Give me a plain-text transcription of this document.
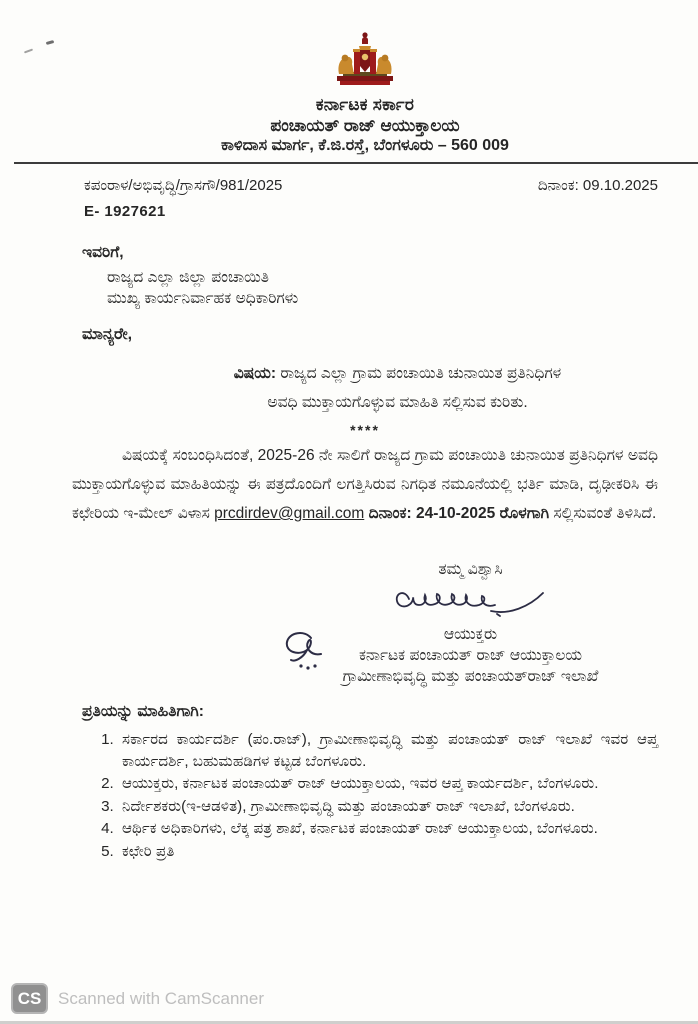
ಕರ್ನಾಟಕ ಸರ್ಕಾರ
ಪಂಚಾಯತ್ ರಾಜ್ ಆಯುಕ್ತಾಲಯ
ಕಾಳಿದಾಸ ಮಾರ್ಗ, ಕೆ.ಜಿ.ರಸ್ತೆ, ಬೆಂಗಳೂರು – 560 009
ಕಪಂರಾಳ/ಅಭಿವೃದ್ಧಿ/ಗ್ರಾಸಗೌ/981/2025	ದಿನಾಂಕ: 09.10.2025
E- 1927621
ಇವರಿಗೆ,
ರಾಜ್ಯದ ಎಲ್ಲಾ ಜಿಲ್ಲಾ ಪಂಚಾಯಿತಿ
ಮುಖ್ಯ ಕಾರ್ಯನಿರ್ವಾಹಕ ಅಧಿಕಾರಿಗಳು
ಮಾನ್ಯರೇ,
ವಿಷಯ: ರಾಜ್ಯದ ಎಲ್ಲಾ ಗ್ರಾಮ ಪಂಚಾಯಿತಿ ಚುನಾಯಿತ ಪ್ರತಿನಿಧಿಗಳ
ಅವಧಿ ಮುಕ್ತಾಯಗೊಳ್ಳುವ ಮಾಹಿತಿ ಸಲ್ಲಿಸುವ ಕುರಿತು.
****
ವಿಷಯಕ್ಕೆ ಸಂಬಂಧಿಸಿದಂತೆ, 2025-26 ನೇ ಸಾಲಿಗೆ ರಾಜ್ಯದ ಗ್ರಾಮ ಪಂಚಾಯಿತಿ ಚುನಾಯಿತ ಪ್ರತಿನಿಧಿಗಳ ಅವಧಿ ಮುಕ್ತಾಯಗೊಳ್ಳುವ ಮಾಹಿತಿಯನ್ನು ಈ ಪತ್ರದೊಂದಿಗೆ ಲಗತ್ತಿಸಿರುವ ನಿಗಧಿತ ನಮೂನೆಯಲ್ಲಿ ಭರ್ತಿ ಮಾಡಿ, ದೃಢೀಕರಿಸಿ ಈ ಕಛೇರಿಯ ಇ-ಮೇಲ್ ವಿಳಾಸ prcdirdev@gmail.com ದಿನಾಂಕ: 24-10-2025 ರೊಳಗಾಗಿ ಸಲ್ಲಿಸುವಂತೆ ತಿಳಿಸಿದೆ.
ತಮ್ಮ ವಿಶ್ವಾಸಿ
ಆಯುಕ್ತರು
ಕರ್ನಾಟಕ ಪಂಚಾಯತ್ ರಾಜ್ ಆಯುಕ್ತಾಲಯ
ಗ್ರಾಮೀಣಾಭಿವೃದ್ಧಿ ಮತ್ತು ಪಂಚಾಯತ್‌ರಾಜ್ ಇಲಾಖೆ
ಪ್ರತಿಯನ್ನು ಮಾಹಿತಿಗಾಗಿ:
1. ಸರ್ಕಾರದ ಕಾರ್ಯದರ್ಶಿ (ಪಂ.ರಾಜ್), ಗ್ರಾಮೀಣಾಭಿವೃದ್ಧಿ ಮತ್ತು ಪಂಚಾಯತ್ ರಾಜ್ ಇಲಾಖೆ ಇವರ ಆಪ್ತ ಕಾರ್ಯದರ್ಶಿ, ಬಹುಮಹಡಿಗಳ ಕಟ್ಟಡ ಬೆಂಗಳೂರು.
2. ಆಯುಕ್ತರು, ಕರ್ನಾಟಕ ಪಂಚಾಯತ್ ರಾಜ್ ಆಯುಕ್ತಾಲಯ, ಇವರ ಆಪ್ತ ಕಾರ್ಯದರ್ಶಿ, ಬೆಂಗಳೂರು.
3. ನಿರ್ದೇಶಕರು(ಇ-ಆಡಳಿತ), ಗ್ರಾಮೀಣಾಭಿವೃದ್ಧಿ ಮತ್ತು ಪಂಚಾಯತ್ ರಾಜ್ ಇಲಾಖೆ, ಬೆಂಗಳೂರು.
4. ಆರ್ಥಿಕ ಅಧಿಕಾರಿಗಳು, ಲೆಕ್ಕ ಪತ್ರ ಶಾಖೆ, ಕರ್ನಾಟಕ ಪಂಚಾಯತ್ ರಾಜ್ ಆಯುಕ್ತಾಲಯ, ಬೆಂಗಳೂರು.
5. ಕಛೇರಿ ಪ್ರತಿ
CS Scanned with CamScanner
